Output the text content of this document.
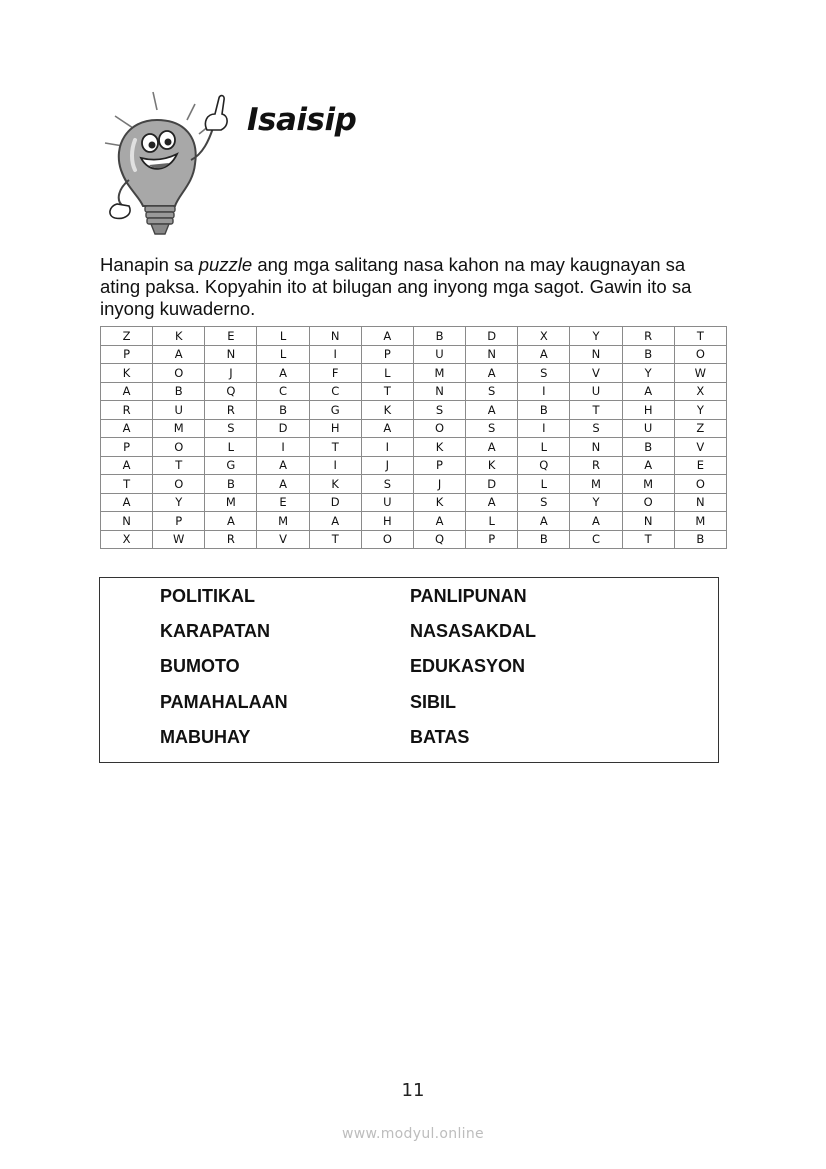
Isaisip
Hanapin sa puzzle ang mga salitang nasa kahon na may kaugnayan sa ating paksa. Kopyahin ito at bilugan ang inyong mga sagot. Gawin ito sa inyong kuwaderno.
Z	K	E	L	N	A	B	D	X	Y	R	T
P	A	N	L	I	P	U	N	A	N	B	O
K	O	J	A	F	L	M	A	S	V	Y	W
A	B	Q	C	C	T	N	S	I	U	A	X
R	U	R	B	G	K	S	A	B	T	H	Y
A	M	S	D	H	A	O	S	I	S	U	Z
P	O	L	I	T	I	K	A	L	N	B	V
A	T	G	A	I	J	P	K	Q	R	A	E
T	O	B	A	K	S	J	D	L	M	M	O
A	Y	M	E	D	U	K	A	S	Y	O	N
N	P	A	M	A	H	A	L	A	A	N	M
X	W	R	V	T	O	Q	P	B	C	T	B
POLITIKAL
KARAPATAN
BUMOTO
PAMAHALAAN
MABUHAY
PANLIPUNAN
NASASAKDAL
EDUKASYON
SIBIL
BATAS
11
www.modyul.online
